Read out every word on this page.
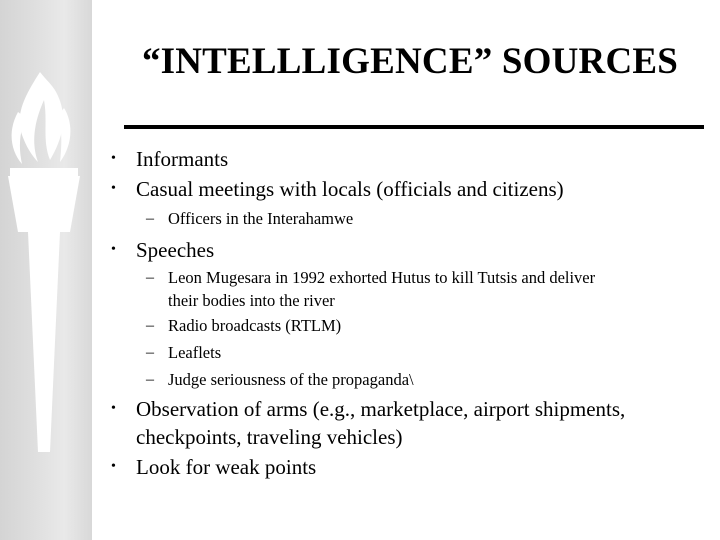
“INTELLLIGENCE” SOURCES
• Informants
• Casual meetings with locals (officials and citizens)
– Officers in the Interahamwe
• Speeches
– Leon Mugesara in 1992 exhorted Hutus to kill Tutsis and deliver
their bodies into the river
– Radio broadcasts (RTLM)
– Leaflets
– Judge seriousness of the propaganda\
• Observation of arms (e.g., marketplace, airport shipments,
checkpoints, traveling vehicles)
• Look for weak points
